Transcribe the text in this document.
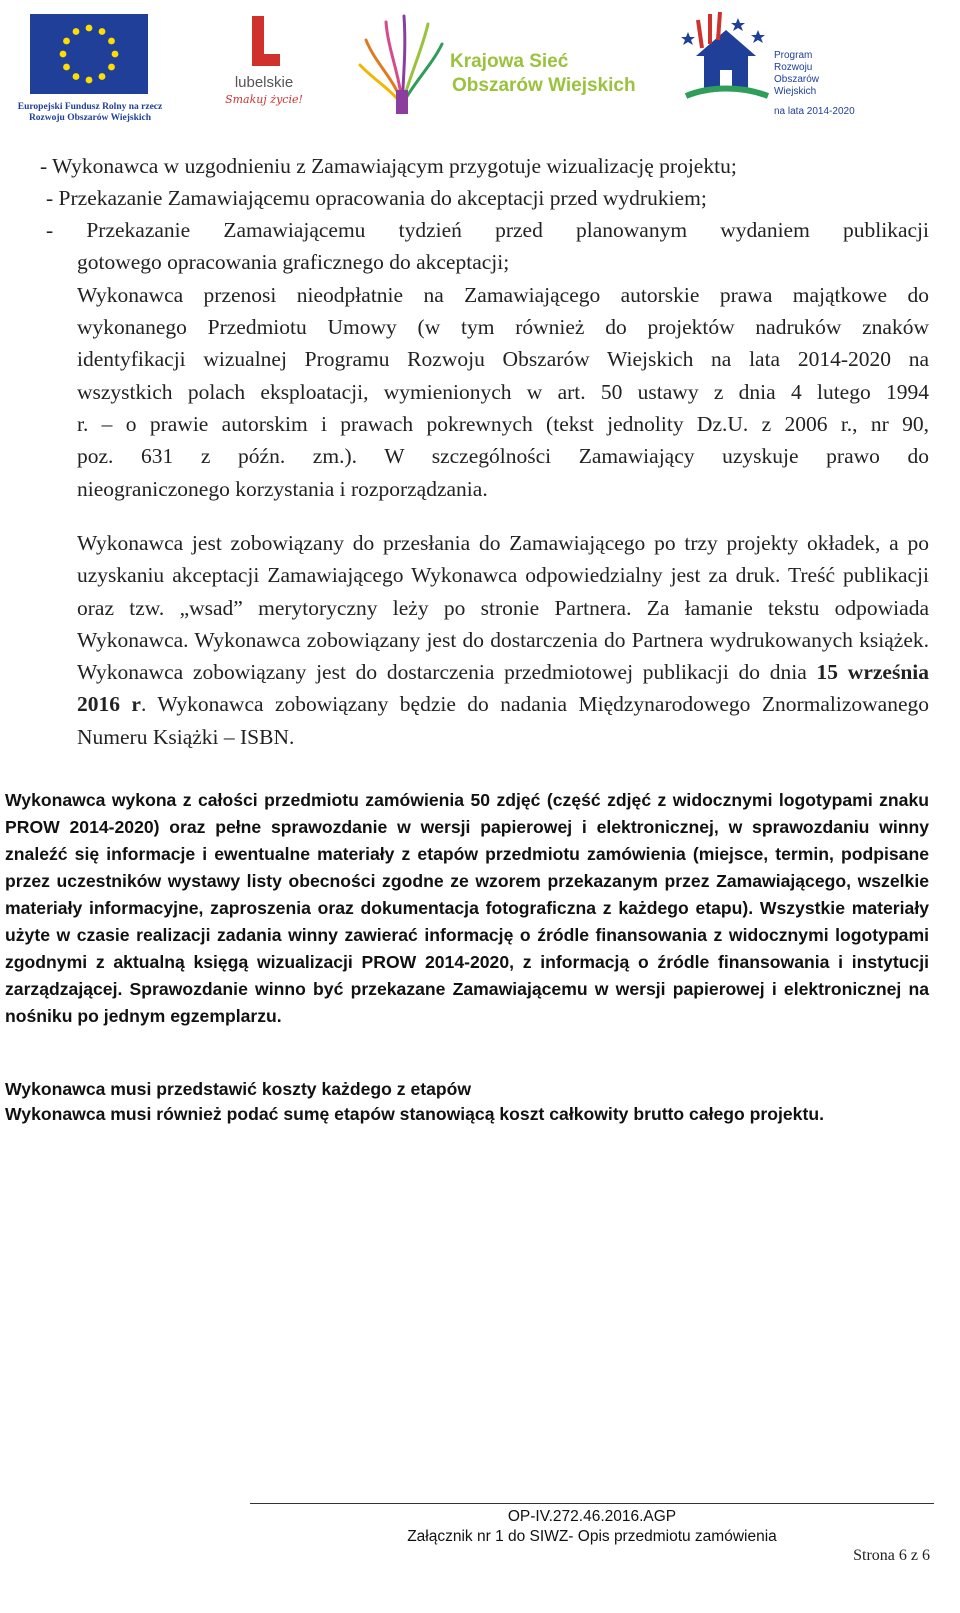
Europejski Fundusz Rolny na rzecz
Rozwoju Obszarów Wiejskich
lubelskie
Smakuj życie!
Krajowa Sieć
Obszarów Wiejskich
Program
Rozwoju
Obszarów
Wiejskich
na lata 2014-2020

- Wykonawca w uzgodnieniu z Zamawiającym przygotuje wizualizację projektu;

- Przekazanie Zamawiającemu opracowania do akceptacji przed wydrukiem;

- Przekazanie Zamawiającemu tydzień przed planowanym wydaniem publikacji

gotowego opracowania graficznego do akceptacji;

Wykonawca przenosi nieodpłatnie na Zamawiającego autorskie prawa majątkowe do

wykonanego Przedmiotu Umowy (w tym również do projektów nadruków znaków

identyfikacji wizualnej Programu Rozwoju Obszarów Wiejskich na lata 2014-2020 na

wszystkich polach eksploatacji, wymienionych w art. 50 ustawy z dnia 4 lutego 1994

r. – o prawie autorskim i prawach pokrewnych (tekst jednolity Dz.U. z 2006 r., nr 90,

poz. 631 z późn. zm.). W szczególności Zamawiający uzyskuje prawo do

nieograniczonego korzystania i rozporządzania.

Wykonawca jest zobowiązany do przesłania do Zamawiającego po trzy projekty okładek, a po uzyskaniu akceptacji Zamawiającego Wykonawca odpowiedzialny jest za druk. Treść publikacji oraz tzw. „wsad” merytoryczny leży po stronie Partnera. Za łamanie tekstu odpowiada Wykonawca. Wykonawca zobowiązany jest do dostarczenia do Partnera wydrukowanych książek. Wykonawca zobowiązany jest do dostarczenia przedmiotowej publikacji do dnia 15 września 2016 r. Wykonawca zobowiązany będzie do nadania Międzynarodowego Znormalizowanego Numeru Książki – ISBN.

Wykonawca wykona z całości przedmiotu zamówienia 50 zdjęć (część zdjęć z widocznymi logotypami znaku PROW 2014-2020) oraz pełne sprawozdanie w wersji papierowej i elektronicznej, w sprawozdaniu winny znaleźć się informacje i ewentualne materiały z etapów przedmiotu zamówienia (miejsce, termin, podpisane przez uczestników wystawy listy obecności zgodne ze wzorem przekazanym przez Zamawiającego, wszelkie materiały informacyjne, zaproszenia oraz dokumentacja fotograficzna z każdego etapu). Wszystkie materiały użyte w czasie realizacji zadania winny zawierać informację o źródle finansowania z widocznymi logotypami zgodnymi z aktualną księgą wizualizacji PROW 2014-2020, z informacją o źródle finansowania i instytucji zarządzającej. Sprawozdanie winno być przekazane Zamawiającemu w wersji papierowej i elektronicznej na nośniku po jednym egzemplarzu.

Wykonawca musi przedstawić koszty każdego z etapów
Wykonawca musi również podać sumę etapów stanowiącą koszt całkowity brutto całego projektu.
OP-IV.272.46.2016.AGP
Załącznik nr 1 do SIWZ- Opis przedmiotu zamówienia
Strona 6 z 6
